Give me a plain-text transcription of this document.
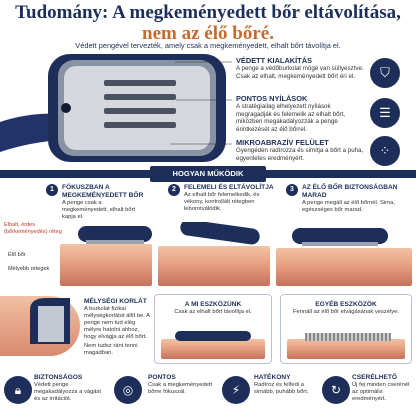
Tudomány: A megkeményedett bőr eltávolítása,
nem az élő bőré.
Védett pengével tervezték, amely csak a megkeményedett, elhalt bőrt távolítja el.
VÉDETT KIALAKÍTÁS
A penge a védőburkolat mögé van süllyesztve. Csak az elhalt, megkeményedett bőrt éri el.	⛉
PONTOS NYÍLÁSOK
A stratégiailag elhelyezett nyílások megragadják és felemelik az elhalt bőrt, miközben megakadályozzák a penge érintkezését az élő bőrrel.
☰
MIKROABRAZÍV FELÜLET
Gyengéden radírozza és simítja a bőrt a puha, egyenletes eredményért.
⁘
HOGYAN MŰKÖDIK
1	FÓKUSZBAN A MEGKEMÉNYEDETT BŐR
A penge csak a megkeményedett, elhalt bőrt kapja el.
2	FELEMELI ÉS ELTÁVOLÍTJA
Az elhalt bőr felemelkedik, és vékony, kontrollált rétegben leborotválódik.
3	AZ ÉLŐ BŐR BIZTONSÁGBAN MARAD
A penge megáll az élő bőrnél. Sima, egészséges bőr marad.
Elhalt, érdes (bőrkeményedés) réteg
Élő bőr
Mélyebb rétegek
MÉLYSÉGI KORLÁT
A burkolat fizikai mélységkorlátot állít be. A penge nem tud elég mélyre hatolni ahhoz, hogy elvágja az élő bőrt.
Nem tudsz ránt tenni magadban.
A MI ESZKÖZÜNK
Csak az elhalt bőrt távolítja el.
EGYÉB ESZKÖZÖK
Fennáll az élő bőr elvágásának veszélye.
🔒︎
BIZTONSÁGOS
Védett penge megakadályozza a vágást és az irritációt.
◎
PONTOS
Csak a megkeményedett bőrre fókuszál.	⚡︎
HATÉKONY
Radíroz és felfedi a simább, puhább bőrt.	↻
CSERÉLHETŐ
Új fej minden cserénél az optimális eredményért.
